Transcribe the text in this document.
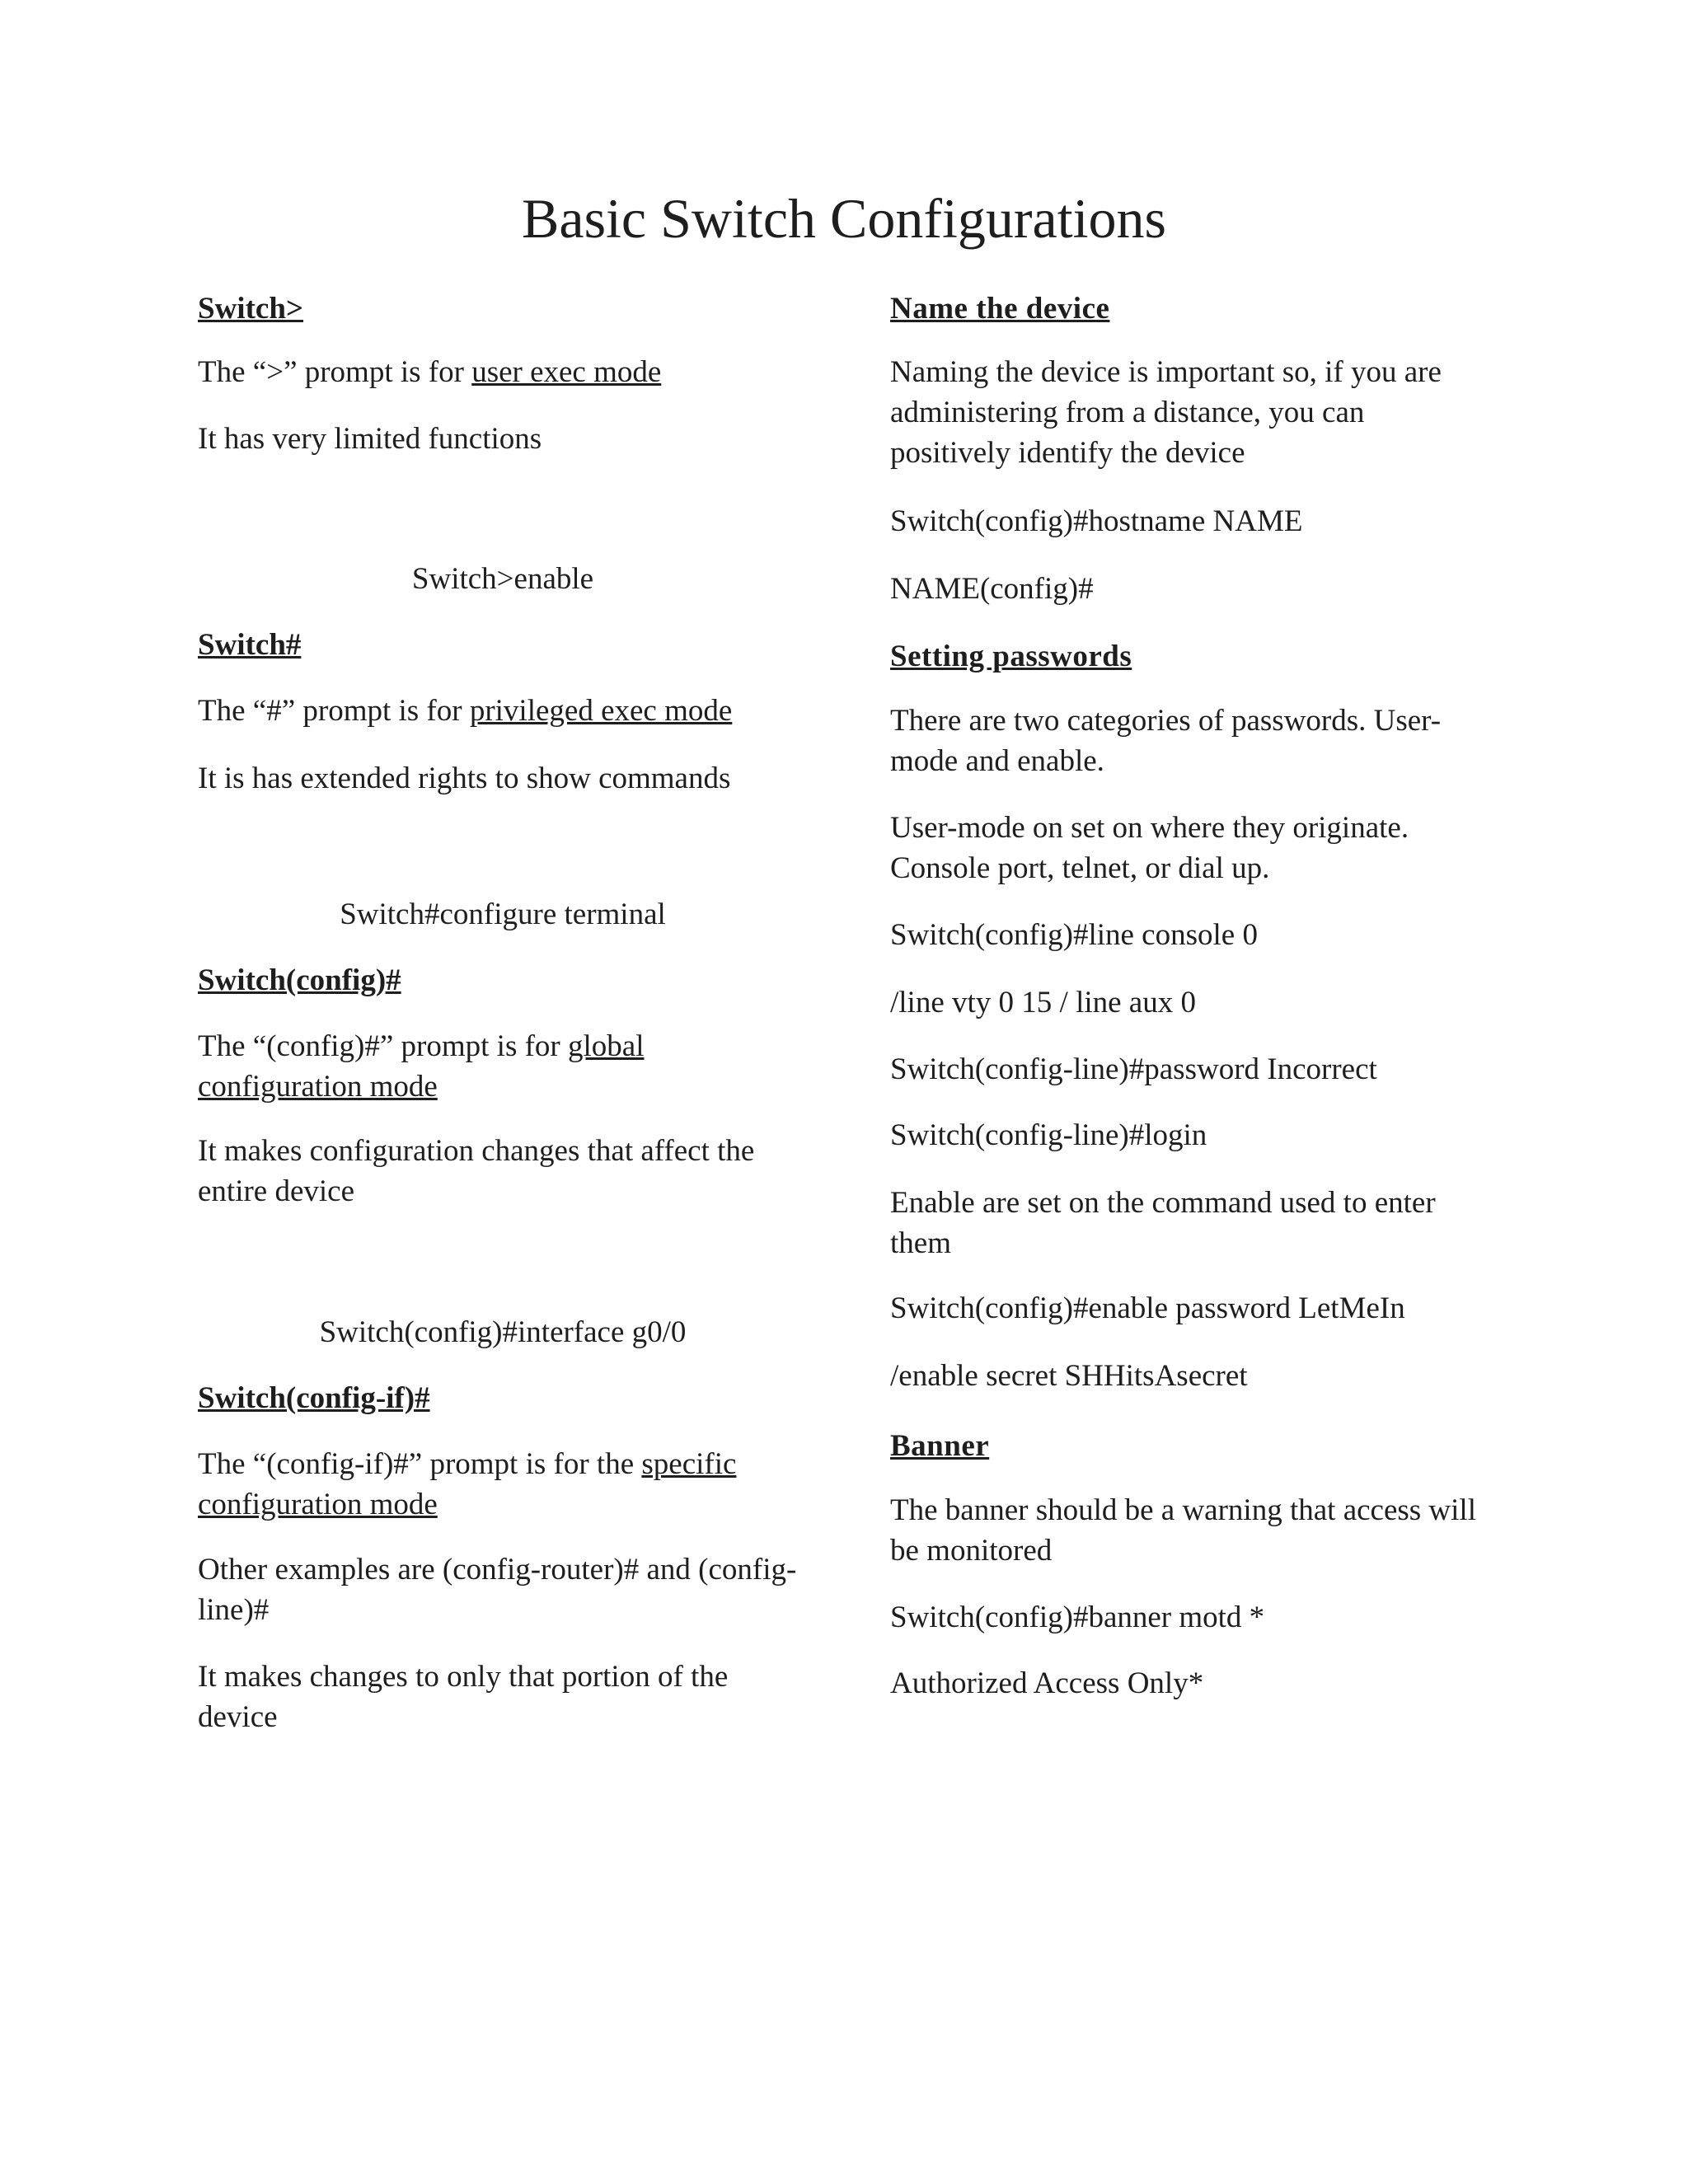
Basic Switch Configurations
Switch>
The “>” prompt is for user exec mode
It has very limited functions
Switch>enable
Switch#
The “#” prompt is for privileged exec mode
It is has extended rights to show commands
Switch#configure terminal
Switch(config)#
The “(config)#” prompt is for global
configuration mode
It makes configuration changes that affect the
entire device
Switch(config)#interface g0/0
Switch(config-if)#
The “(config-if)#” prompt is for the specific
configuration mode
Other examples are (config-router)# and (config-
line)#
It makes changes to only that portion of the
device
Name the device
Naming the device is important so, if you are
administering from a distance, you can
positively identify the device
Switch(config)#hostname NAME
NAME(config)#
Setting passwords
There are two categories of passwords. User-
mode and enable.
User-mode on set on where they originate.
Console port, telnet, or dial up.
Switch(config)#line console 0
/line vty 0 15 / line aux 0
Switch(config-line)#password Incorrect
Switch(config-line)#login
Enable are set on the command used to enter
them
Switch(config)#enable password LetMeIn
/enable secret SHHitsAsecret
Banner
The banner should be a warning that access will
be monitored
Switch(config)#banner motd *
Authorized Access Only*
